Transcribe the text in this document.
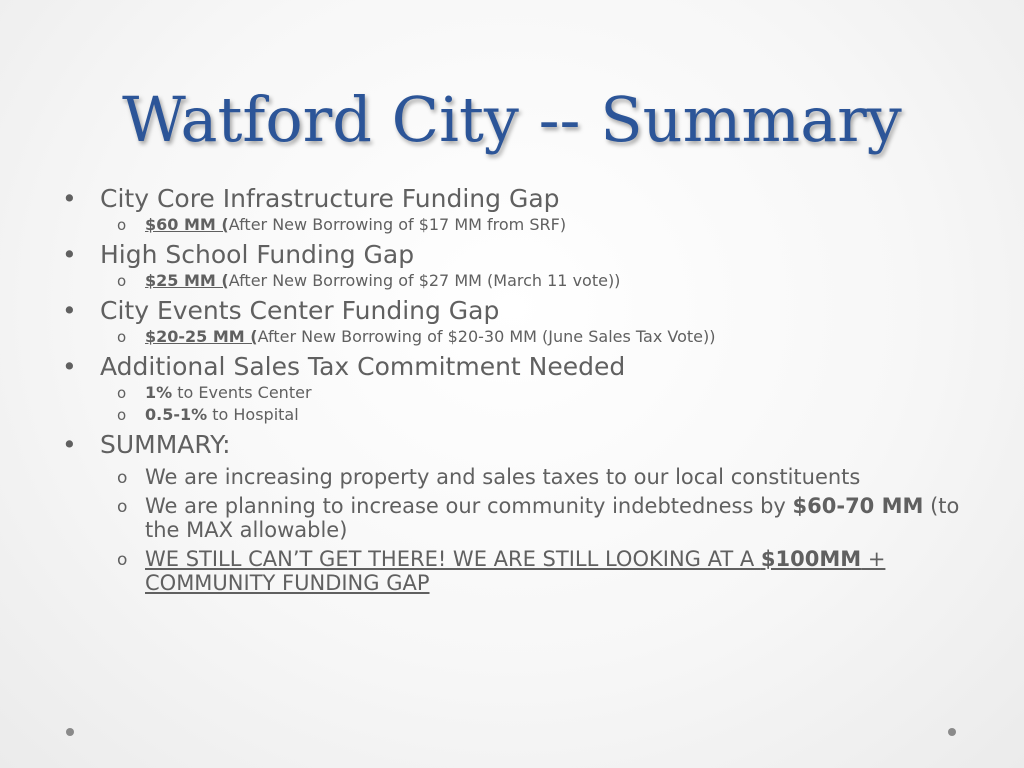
Watford City -- Summary
• City Core Infrastructure Funding Gap
o $60 MM (After New Borrowing of $17 MM from SRF)
• High School Funding Gap
o $25 MM (After New Borrowing of $27 MM (March 11 vote))
• City Events Center Funding Gap
o $20-25 MM (After New Borrowing of $20-30 MM (June Sales Tax Vote))
• Additional Sales Tax Commitment Needed
o 1% to Events Center
o 0.5-1% to Hospital
• SUMMARY:
o We are increasing property and sales taxes to our local constituents
o We are planning to increase our community indebtedness by $60-70 MM (to the MAX allowable)
o WE STILL CAN’T GET THERE! WE ARE STILL LOOKING AT A $100MM + COMMUNITY FUNDING GAP
